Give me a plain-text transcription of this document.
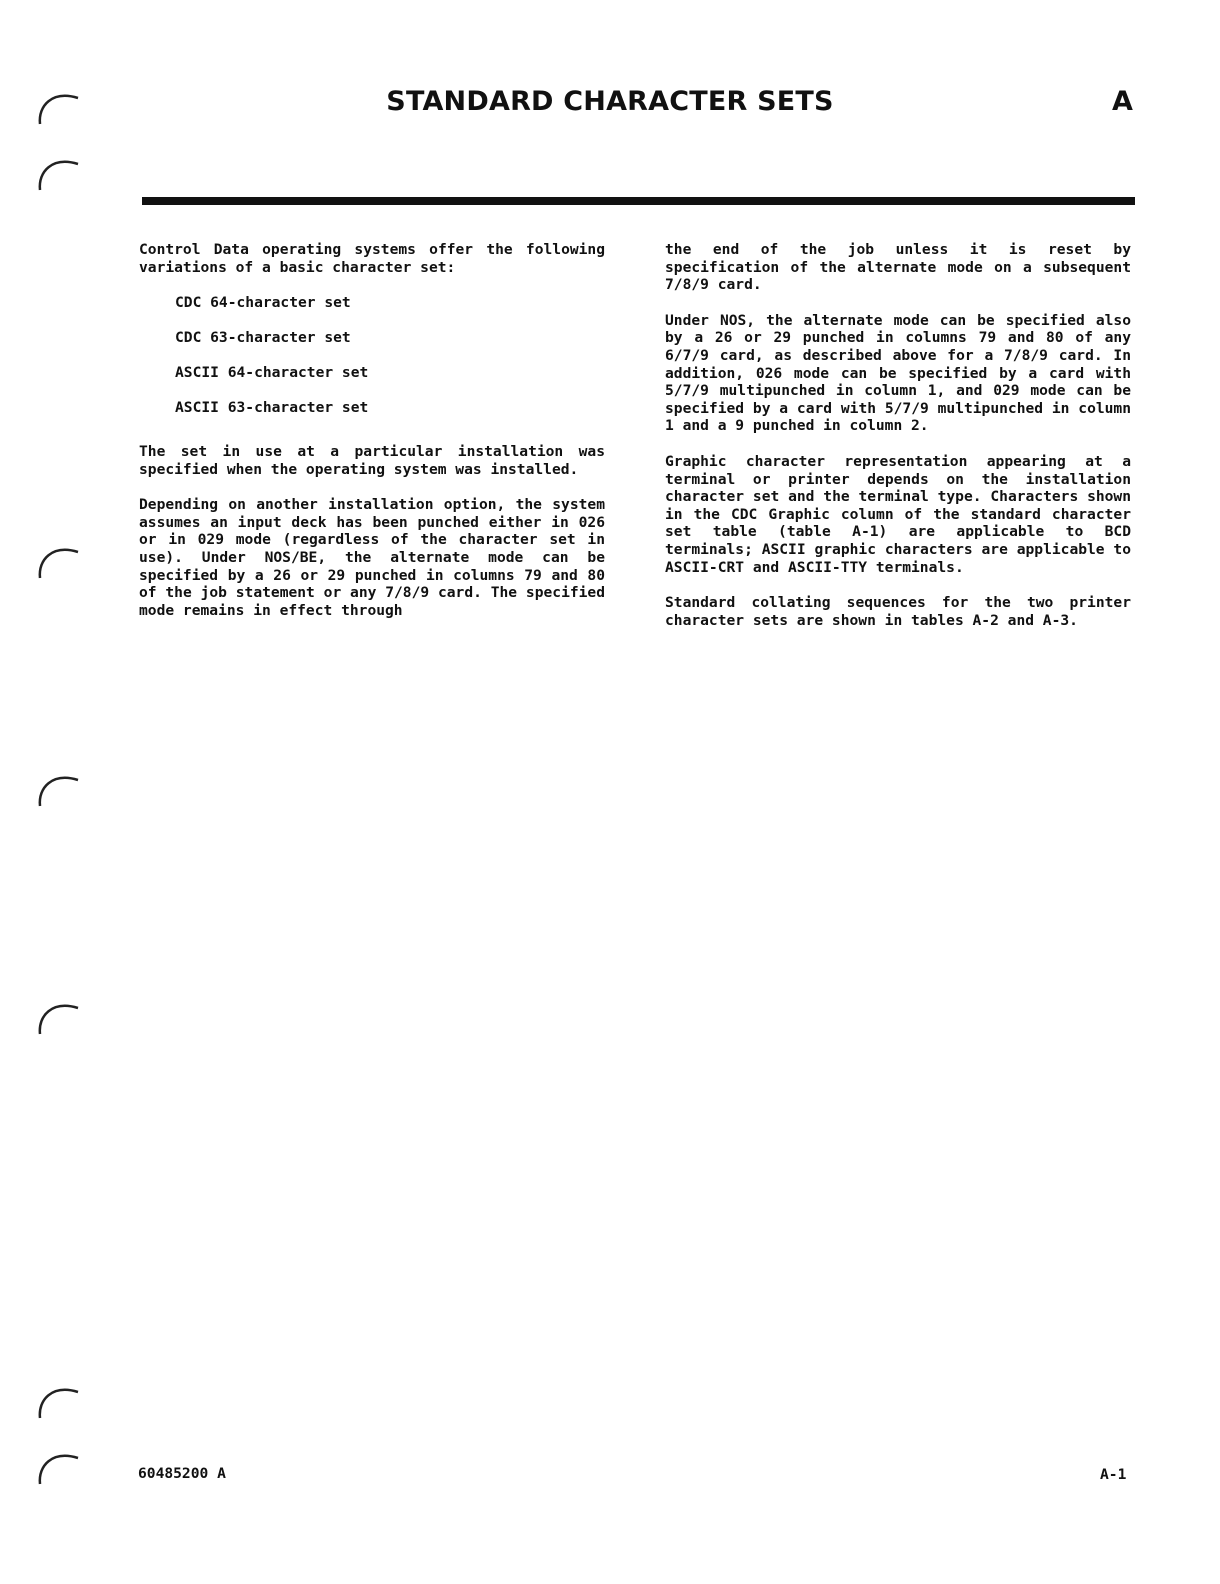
STANDARD CHARACTER SETS	A

Control Data operating systems offer the following variations of a basic character set:

CDC 64-character set
CDC 63-character set
ASCII 64-character set
ASCII 63-character set

The set in use at a particular installation was specified when the operating system was installed.

Depending on another installation option, the system assumes an input deck has been punched either in 026 or in 029 mode (regardless of the character set in use). Under NOS/BE, the alternate mode can be specified by a 26 or 29 punched in columns 79 and 80 of the job statement or any 7/8/9 card. The specified mode remains in effect through

the end of the job unless it is reset by specification of the alternate mode on a subsequent 7/8/9 card.

Under NOS, the alternate mode can be specified also by a 26 or 29 punched in columns 79 and 80 of any 6/7/9 card, as described above for a 7/8/9 card. In addition, 026 mode can be specified by a card with 5/7/9 multipunched in column 1, and 029 mode can be specified by a card with 5/7/9 multipunched in column 1 and a 9 punched in column 2.

Graphic character representation appearing at a terminal or printer depends on the installation character set and the terminal type. Characters shown in the CDC Graphic column of the standard character set table (table A-1) are applicable to BCD terminals; ASCII graphic characters are applicable to ASCII-CRT and ASCII-TTY terminals.

Standard collating sequences for the two printer character sets are shown in tables A-2 and A-3.

60485200 A	A-1
